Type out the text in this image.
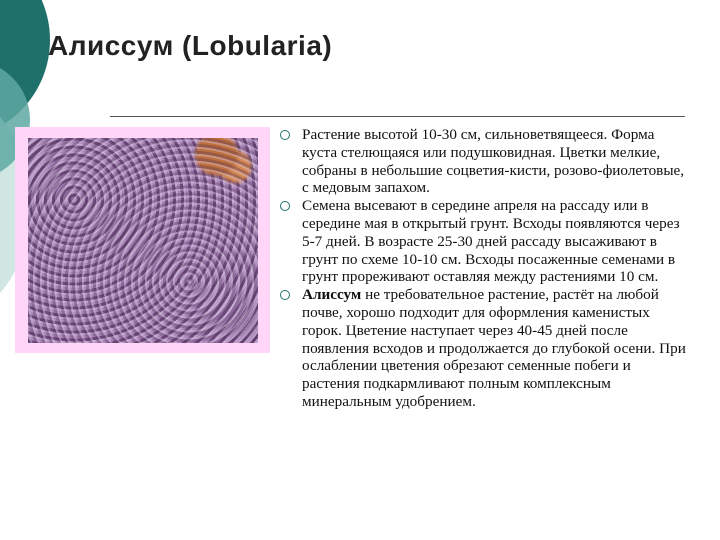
Алиссум (Lobularia)
Растение высотой 10-30 см, сильноветвящееся. Форма куста стелющаяся или подушковидная. Цветки мелкие, собраны в небольшие соцветия-кисти, розово-фиолетовые, с медовым запахом.
Семена высевают в середине апреля на рассаду или в середине мая в открытый грунт. Всходы появляются через 5-7 дней. В возрасте 25-30 дней рассаду высаживают в грунт по схеме 10-10 см. Всходы посаженные семенами в грунт прореживают оставляя между растениями 10 см.
Алиссум не требовательное растение, растёт на любой почве, хорошо подходит для оформления каменистых горок. Цветение наступает через 40-45 дней после появления всходов и продолжается до глубокой осени. При ослаблении цветения обрезают семенные побеги и растения подкармливают полным комплексным минеральным удобрением.
